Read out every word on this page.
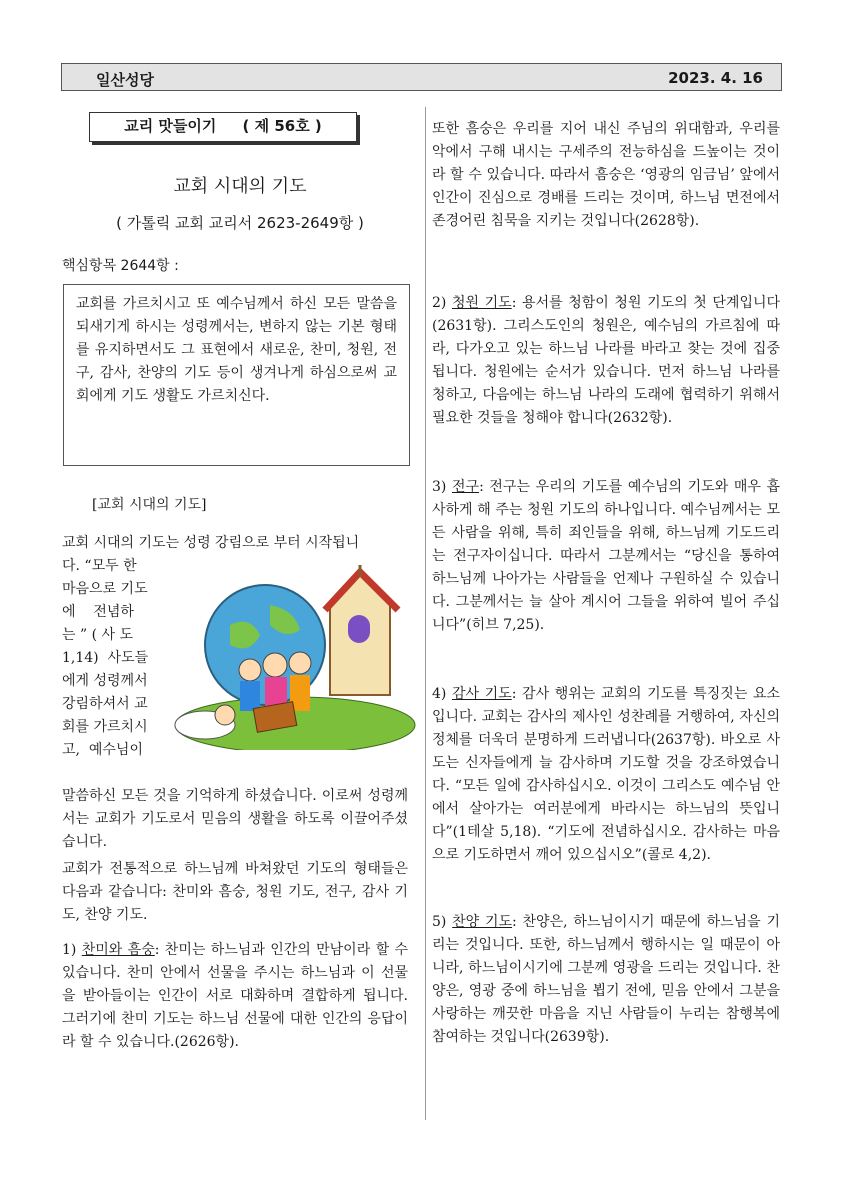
일산성당	2023. 4. 16
교리 맛들이기 ( 제 56호 )
교회 시대의 기도
( 가톨릭 교회 교리서 2623-2649항 )
핵심항목 2644항 :
교회를 가르치시고 또 예수님께서 하신 모든 말씀을 되새기게 하시는 성령께서는, 변하지 않는 기본 형태를 유지하면서도 그 표현에서 새로운, 찬미, 청원, 전구, 감사, 찬양의 기도 등이 생겨나게 하심으로써 교회에게 기도 생활도 가르치신다.
[교회 시대의 기도]
교회 시대의 기도는 성령 강림으로 부터 시작됩니
다. “모두 한
마음으로 기도
에    전념하
는 ” ( 사 도
1,14)  사도들
에게 성령께서
강림하셔서 교
회를 가르치시
고,  예수님이

말씀하신 모든 것을 기억하게 하셨습니다. 이로써 성령께서는 교회가 기도로서 믿음의 생활을 하도록 이끌어주셨습니다.

교회가 전통적으로 하느님께 바쳐왔던 기도의 형태들은 다음과 같습니다: 찬미와 흠숭, 청원 기도, 전구, 감사 기도, 찬양 기도.

1) 찬미와 흠숭: 찬미는 하느님과 인간의 만남이라 할 수 있습니다. 찬미 안에서 선물을 주시는 하느님과 이 선물을 받아들이는 인간이 서로 대화하며 결합하게 됩니다. 그러기에 찬미 기도는 하느님 선물에 대한 인간의 응답이라 할 수 있습니다.(2626항).

또한 흠숭은 우리를 지어 내신 주님의 위대함과, 우리를 악에서 구해 내시는 구세주의 전능하심을 드높이는 것이라 할 수 있습니다. 따라서 흠숭은 ‘영광의 임금님’ 앞에서 인간이 진심으로 경배를 드리는 것이며, 하느님 면전에서 존경어린 침묵을 지키는 것입니다(2628항).

2) 청원 기도: 용서를 청함이 청원 기도의 첫 단계입니다(2631항). 그리스도인의 청원은, 예수님의 가르침에 따라, 다가오고 있는 하느님 나라를 바라고 찾는 것에 집중됩니다. 청원에는 순서가 있습니다. 먼저 하느님 나라를 청하고, 다음에는 하느님 나라의 도래에 협력하기 위해서 필요한 것들을 청해야 합니다(2632항).

3) 전구: 전구는 우리의 기도를 예수님의 기도와 매우 흡사하게 해 주는 청원 기도의 하나입니다. 예수님께서는 모든 사람을 위해, 특히 죄인들을 위해, 하느님께 기도드리는 전구자이십니다. 따라서 그분께서는 “당신을 통하여 하느님께 나아가는 사람들을 언제나 구원하실 수 있습니다. 그분께서는 늘 살아 계시어 그들을 위하여 빌어 주십니다”(히브 7,25).

4) 감사 기도: 감사 행위는 교회의 기도를 특징짓는 요소입니다. 교회는 감사의 제사인 성찬례를 거행하여, 자신의 정체를 더욱더 분명하게 드러냅니다(2637항). 바오로 사도는 신자들에게 늘 감사하며 기도할 것을 강조하였습니다. “모든 일에 감사하십시오. 이것이 그리스도 예수님 안에서 살아가는 여러분에게 바라시는 하느님의 뜻입니다”(1테살 5,18). “기도에 전념하십시오. 감사하는 마음으로 기도하면서 깨어 있으십시오”(콜로 4,2).

5) 찬양 기도: 찬양은, 하느님이시기 때문에 하느님을 기리는 것입니다. 또한, 하느님께서 행하시는 일 때문이 아니라, 하느님이시기에 그분께 영광을 드리는 것입니다. 찬양은, 영광 중에 하느님을 뵙기 전에, 믿음 안에서 그분을 사랑하는 깨끗한 마음을 지닌 사람들이 누리는 참행복에 참여하는 것입니다(2639항).
